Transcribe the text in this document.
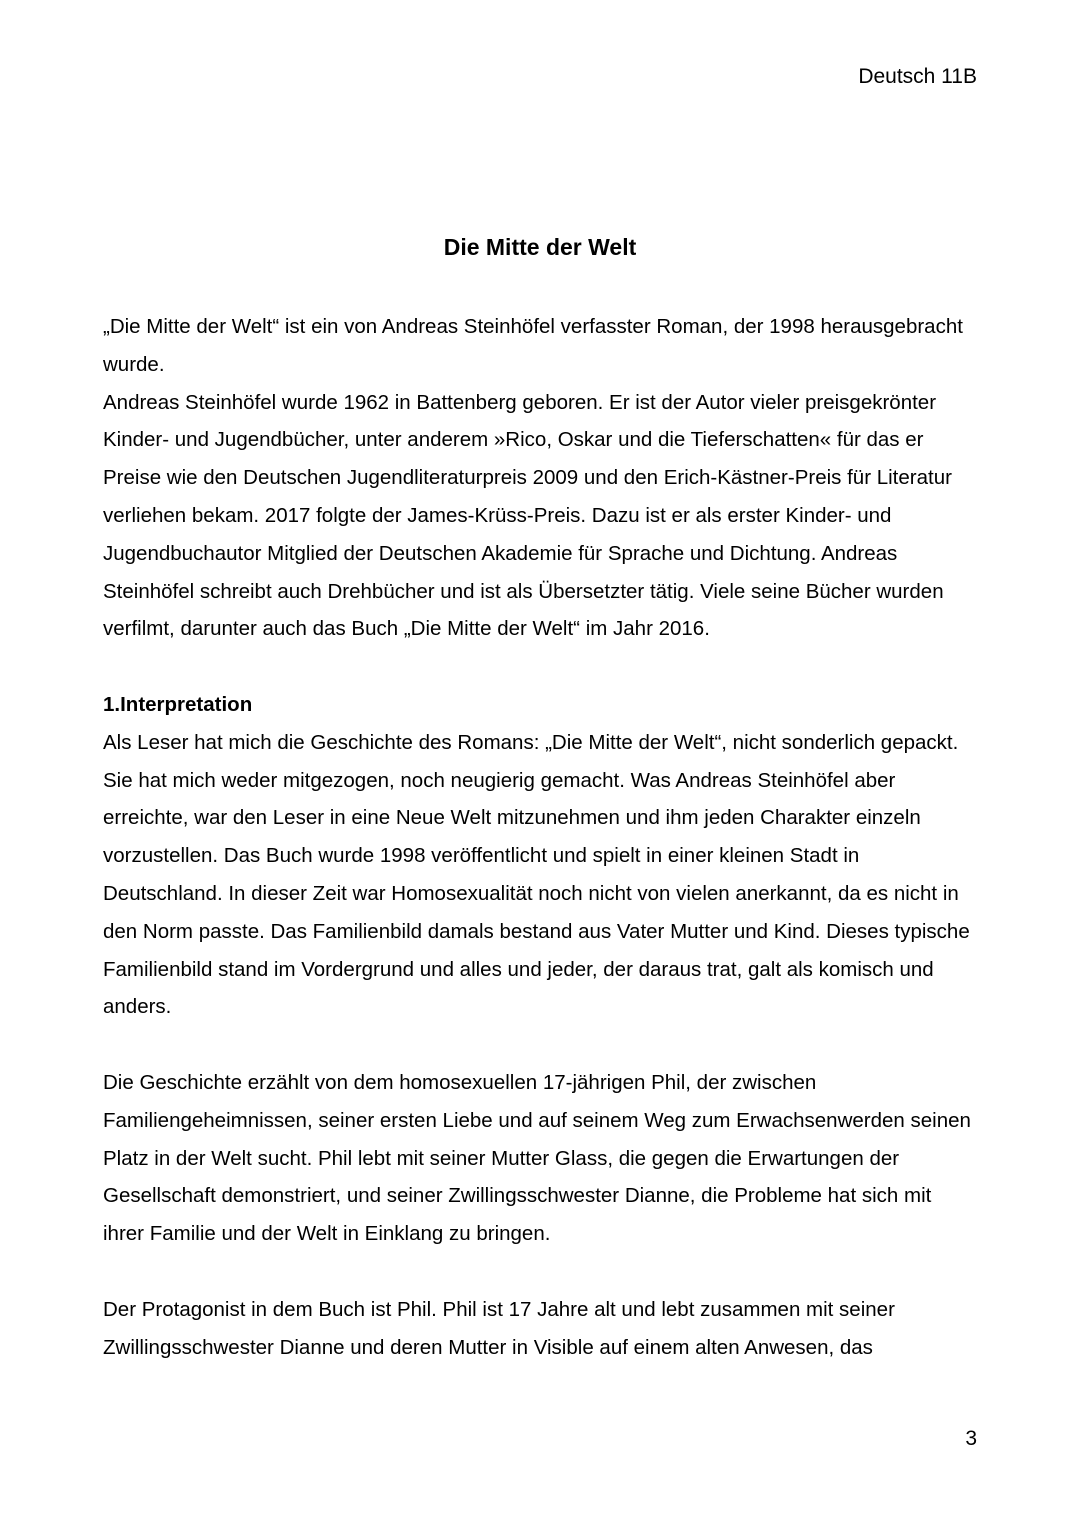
Deutsch 11B

Die Mitte der Welt

„Die Mitte der Welt“ ist ein von Andreas Steinhöfel verfasster Roman, der 1998 herausgebracht wurde.

Andreas Steinhöfel wurde 1962 in Battenberg geboren. Er ist der Autor vieler preisgekrönter Kinder- und Jugendbücher, unter anderem »Rico, Oskar und die Tieferschatten« für das er Preise wie den Deutschen Jugendliteraturpreis 2009 und den Erich-Kästner-Preis für Literatur verliehen bekam. 2017 folgte der James-Krüss-Preis. Dazu ist er als erster Kinder- und Jugendbuchautor Mitglied der Deutschen Akademie für Sprache und Dichtung. Andreas Steinhöfel schreibt auch Drehbücher und ist als Übersetzter tätig. Viele seine Bücher wurden verfilmt, darunter auch das Buch „Die Mitte der Welt“ im Jahr 2016.

1.Interpretation

Als Leser hat mich die Geschichte des Romans: „Die Mitte der Welt“, nicht sonderlich gepackt. Sie hat mich weder mitgezogen, noch neugierig gemacht. Was Andreas Steinhöfel aber erreichte, war den Leser in eine Neue Welt mitzunehmen und ihm jeden Charakter einzeln vorzustellen. Das Buch wurde 1998 veröffentlicht und spielt in einer kleinen Stadt in Deutschland. In dieser Zeit war Homosexualität noch nicht von vielen anerkannt, da es nicht in den Norm passte. Das Familienbild damals bestand aus Vater Mutter und Kind. Dieses typische Familienbild stand im Vordergrund und alles und jeder, der daraus trat, galt als komisch und anders.

Die Geschichte erzählt von dem homosexuellen 17-jährigen Phil, der zwischen Familiengeheimnissen, seiner ersten Liebe und auf seinem Weg zum Erwachsenwerden seinen Platz in der Welt sucht. Phil lebt mit seiner Mutter Glass, die gegen die Erwartungen der Gesellschaft demonstriert, und seiner Zwillingsschwester Dianne, die Probleme hat sich mit ihrer Familie und der Welt in Einklang zu bringen.

Der Protagonist in dem Buch ist Phil. Phil ist 17 Jahre alt und lebt zusammen mit seiner Zwillingsschwester Dianne und deren Mutter in Visible auf einem alten Anwesen, das

3
